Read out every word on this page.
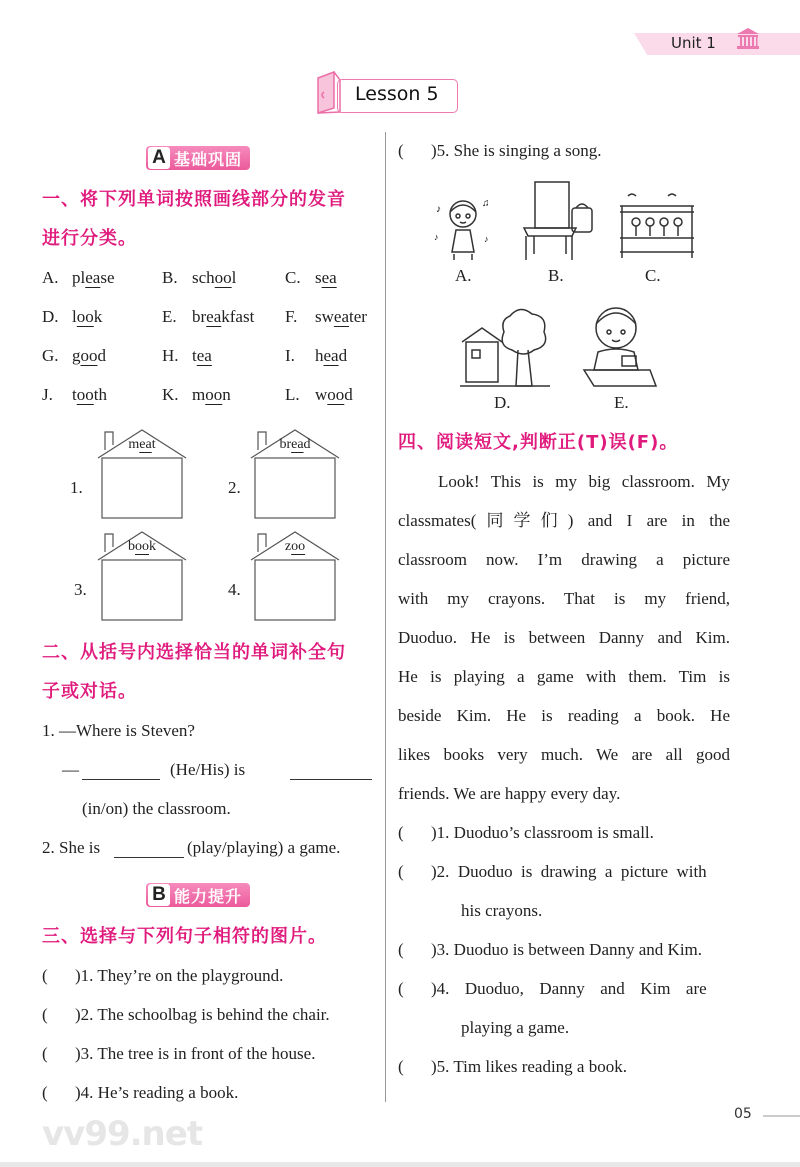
vv99.net
Unit 1
Lesson 5
A 基础巩固
一、将下列单词按照画线部分的发音
进行分类。
A. please	B. school	C. sea
D. look	E. breakfast F. sweater
G. good	H. tea	I. head
J. tooth	K. moon	L. wood
1.
meat
2.
bread
3.
book
4.
zoo
二、从括号内选择恰当的单词补全句
子或对话。
1. —Where is Steven?
—	(He/His) is
(in/on) the classroom.
2. She is	(play/playing) a game.
B 能力提升
三、选择与下列句子相符的图片。
( )1. They’re on the playground.
( )2. The schoolbag is behind the chair.
( )3. The tree is in front of the house.
( )4. He’s reading a book.
( )5. She is singing a song.
♪
♫
♪	♪
A.	B.	C.
D.	E.
四、阅读短文,判断正(T)误(F)。
Look! This is my big classroom. My
classmates(同学们) and I are in the
classroom now. I’m drawing a picture
with my crayons. That is my friend,
Duoduo. He is between Danny and Kim.
He is playing a game with them. Tim is
beside Kim. He is reading a book. He
likes books very much. We are all good
friends. We are happy every day.
( )1. Duoduo’s classroom is small.
( )2. Duoduo is drawing a picture with
his crayons.
( )3. Duoduo is between Danny and Kim.
( )4. Duoduo, Danny and Kim are
playing a game.
( )5. Tim likes reading a book.
05
